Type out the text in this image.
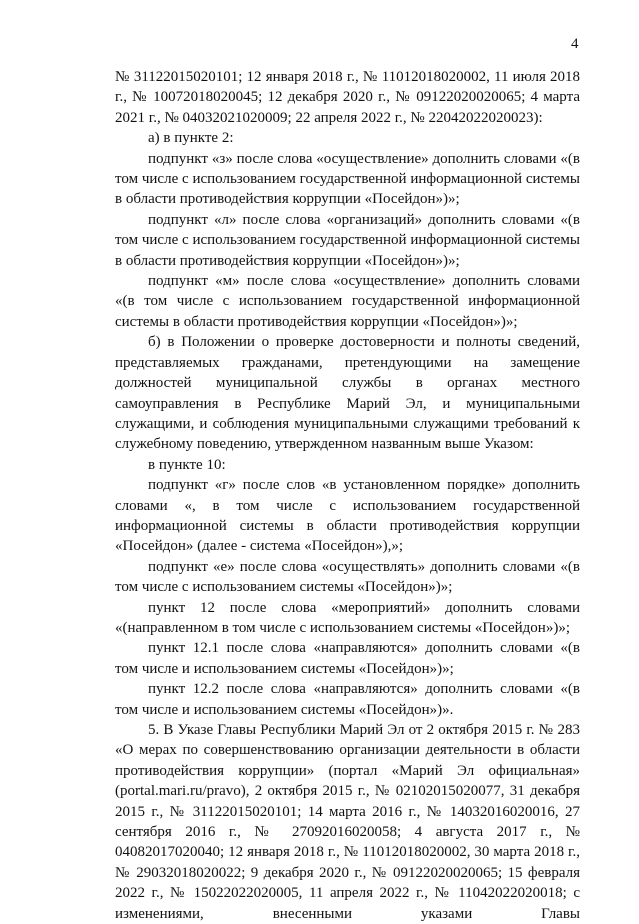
4

№ 31122015020101; 12 января 2018 г., № 11012018020002, 11 июля 2018 г., № 10072018020045; 12 декабря 2020 г., № 09122020020065; 4 марта 2021 г., № 04032021020009; 22 апреля 2022 г., № 22042022020023):

а) в пункте 2:

подпункт «з» после слова «осуществление» дополнить словами «(в том числе с использованием государственной информационной системы в области противодействия коррупции «Посейдон»)»;

подпункт «л» после слова «организаций» дополнить словами «(в том числе с использованием государственной информационной системы в области противодействия коррупции «Посейдон»)»;

подпункт «м» после слова «осуществление» дополнить словами «(в том числе с использованием государственной информационной системы в области противодействия коррупции «Посейдон»)»;

б) в Положении о проверке достоверности и полноты сведений, представляемых гражданами, претендующими на замещение должностей муниципальной службы в органах местного самоуправления в Республике Марий Эл, и муниципальными служащими, и соблюдения муниципальными служащими требований к служебному поведению, утвержденном названным выше Указом:

в пункте 10:

подпункт «г» после слов «в установленном порядке» дополнить словами «, в том числе с использованием государственной информационной системы в области противодействия коррупции «Посейдон» (далее - система «Посейдон»),»;

подпункт «е» после слова «осуществлять» дополнить словами «(в том числе с использованием системы «Посейдон»)»;

пункт 12 после слова «мероприятий» дополнить словами «(направленном в том числе с использованием системы «Посейдон»)»;

пункт 12.1 после слова «направляются» дополнить словами «(в том числе и использованием системы «Посейдон»)»;

пункт 12.2 после слова «направляются» дополнить словами «(в том числе и использованием системы «Посейдон»)».

5. В Указе Главы Республики Марий Эл от 2 октября 2015 г. № 283 «О мерах по совершенствованию организации деятельности в области противодействия коррупции» (портал «Марий Эл официальная» (portal.mari.ru/pravo), 2 октября 2015 г., № 02102015020077, 31 декабря 2015 г., № 31122015020101; 14 марта 2016 г., № 14032016020016, 27 сентября 2016 г., № 27092016020058; 4 августа 2017 г., № 04082017020040; 12 января 2018 г., № 11012018020002, 30 марта 2018 г., № 29032018020022; 9 декабря 2020 г., № 09122020020065; 15 февраля 2022 г., № 15022022020005, 11 апреля 2022 г., № 11042022020018; с изменениями, внесенными указами Главы
